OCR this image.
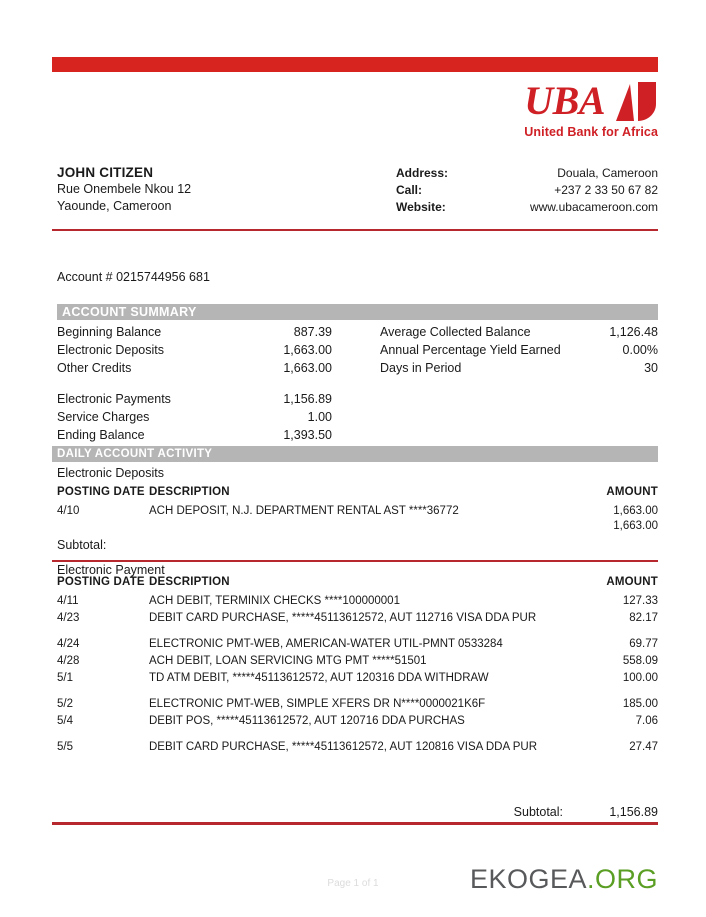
UBA
United Bank for Africa
JOHN CITIZEN
Rue Onembele Nkou 12
Yaounde, Cameroon
Address:	Douala, Cameroon
Call:	+237 2 33 50 67 82
Website:	www.ubacameroon.com
Account # 0215744956 681
ACCOUNT SUMMARY
Beginning Balance	887.39	Average Collected Balance	1,126.48
Electronic Deposits	1,663.00	Annual Percentage Yield Earned	0.00%
Other Credits	1,663.00	Days in Period	30
Electronic Payments	1,156.89
Service Charges	1.00
Ending Balance	1,393.50
DAILY ACCOUNT ACTIVITY
Electronic Deposits
POSTING DATE DESCRIPTION	AMOUNT
4/10	ACH DEPOSIT, N.J. DEPARTMENT RENTAL AST ****36772	1,663.00
1,663.00
Subtotal:
Electronic Payment
POSTING DATE DESCRIPTION	AMOUNT
4/11	ACH DEBIT, TERMINIX CHECKS ****100000001	127.33
4/23	DEBIT CARD PURCHASE, *****45113612572, AUT 112716 VISA DDA PUR	82.17
4/24	ELECTRONIC PMT-WEB, AMERICAN-WATER UTIL-PMNT 0533284	69.77
4/28	ACH DEBIT, LOAN SERVICING MTG PMT *****51501	558.09
5/1	TD ATM DEBIT, *****45113612572, AUT 120316 DDA WITHDRAW	100.00
5/2	ELECTRONIC PMT-WEB, SIMPLE XFERS DR N****0000021K6F	185.00
5/4	DEBIT POS, *****45113612572, AUT 120716 DDA PURCHAS	7.06
5/5	DEBIT CARD PURCHASE, *****45113612572, AUT 120816 VISA DDA PUR	27.47
Subtotal:	1,156.89
Page 1 of 1	EKOGEA.ORG
